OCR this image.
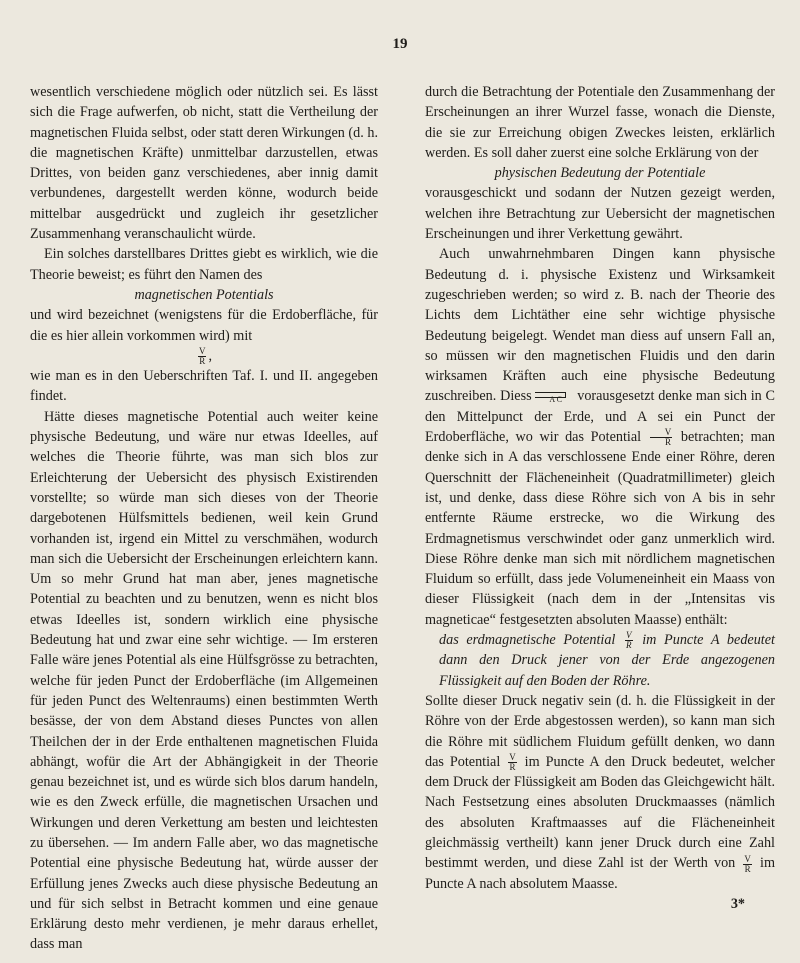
19

wesentlich verschiedene möglich oder nützlich sei. Es lässt sich die Frage aufwerfen, ob nicht, statt die Vertheilung der magnetischen Fluida selbst, oder statt deren Wirkungen (d. h. die magnetischen Kräfte) unmittelbar darzustellen, etwas Drittes, von beiden ganz verschiedenes, aber innig damit verbundenes, dargestellt werden könne, wodurch beide mittelbar ausgedrückt und zugleich ihr gesetzlicher Zusammenhang veranschaulicht würde.

Ein solches darstellbares Drittes giebt es wirklich, wie die Theorie beweist; es führt den Namen des

magnetischen Potentials

und wird bezeichnet (wenigstens für die Erdoberfläche, für die es hier allein vorkommen wird) mit

$\frac{V}{R}$ ,

wie man es in den Ueberschriften Taf. I. und II. angegeben findet.

Hätte dieses magnetische Potential auch weiter keine physische Bedeutung, und wäre nur etwas Ideelles, auf welches die Theorie führte, was man sich blos zur Erleichterung der Uebersicht des physisch Existirenden vorstellte; so würde man sich dieses von der Theorie dargebotenen Hülfsmittels bedienen, weil kein Grund vorhanden ist, irgend ein Mittel zu verschmähen, wodurch man sich die Uebersicht der Erscheinungen erleichtern kann. Um so mehr Grund hat man aber, jenes magnetische Potential zu beachten und zu benutzen, wenn es nicht blos etwas Ideelles ist, sondern wirklich eine physische Bedeutung hat und zwar eine sehr wichtige. — Im ersteren Falle wäre jenes Potential als eine Hülfsgrösse zu betrachten, welche für jeden Punct der Erdoberfläche (im Allgemeinen für jeden Punct des Weltenraums) einen bestimmten Werth besässe, der von dem Abstand dieses Punctes von allen Theilchen der in der Erde enthaltenen magnetischen Fluida abhängt, wofür die Art der Abhängigkeit in der Theorie genau bezeichnet ist, und es würde sich blos darum handeln, wie es den Zweck erfülle, die magnetischen Ursachen und Wirkungen und deren Verkettung am besten und leichtesten zu übersehen. — Im andern Falle aber, wo das magnetische Potential eine physische Bedeutung hat, würde ausser der Erfüllung jenes Zwecks auch diese physische Bedeutung an und für sich selbst in Betracht kommen und eine genaue Erklärung desto mehr verdienen, je mehr daraus erhellet, dass man

durch die Betrachtung der Potentiale den Zusammenhang der Erscheinungen an ihrer Wurzel fasse, wonach die Dienste, die sie zur Erreichung obigen Zweckes leisten, erklärlich werden. Es soll daher zuerst eine solche Erklärung von der

physischen Bedeutung der Potentiale

vorausgeschickt und sodann der Nutzen gezeigt werden, welchen ihre Betrachtung zur Uebersicht der magnetischen Erscheinungen und ihrer Verkettung gewährt.

Auch unwahrnehmbaren Dingen kann physische Bedeutung d. i. physische Existenz und Wirksamkeit zugeschrieben werden; so wird z. B. nach der Theorie des Lichts dem Lichtäther eine sehr wichtige physische Bedeutung beigelegt. Wendet man diess auf unsern Fall an, so müssen wir den magnetischen Fluidis und den darin wirksamen Kräften auch eine physische Bedeutung zuschreiben. Diess	A C vorausgesetzt denke man sich in C den Mittelpunct der Erde, und A sei ein Punct der Erdoberfläche, wo wir das Potential $\frac{V}{R}$ betrachten; man denke sich in A das verschlossene Ende einer Röhre, deren Querschnitt der Flächeneinheit (Quadratmillimeter) gleich ist, und denke, dass diese Röhre sich von A bis in sehr entfernte Räume erstrecke, wo die Wirkung des Erdmagnetismus verschwindet oder ganz unmerklich wird. Diese Röhre denke man sich mit nördlichem magnetischen Fluidum so erfüllt, dass jede Volumeneinheit ein Maass von dieser Flüssigkeit (nach dem in der „Intensitas vis magneticae“ festgesetzten absoluten Maasse) enthält:

das erdmagnetische Potential $\frac{V}{R}$ im Puncte A bedeutet dann den Druck jener von der Erde angezogenen Flüssigkeit auf den Boden der Röhre.

Sollte dieser Druck negativ sein (d. h. die Flüssigkeit in der Röhre von der Erde abgestossen werden), so kann man sich die Röhre mit südlichem Fluidum gefüllt denken, wo dann das Potential $\frac{V}{R}$ im Puncte A den Druck bedeutet, welcher dem Druck der Flüssigkeit am Boden das Gleichgewicht hält. Nach Festsetzung eines absoluten Druckmaasses (nämlich des absoluten Kraftmaasses auf die Flächeneinheit gleichmässig vertheilt) kann jener Druck durch eine Zahl bestimmt werden, und diese Zahl ist der Werth von $\frac{V}{R}$ im Puncte A nach absolutem Maasse.

3*
